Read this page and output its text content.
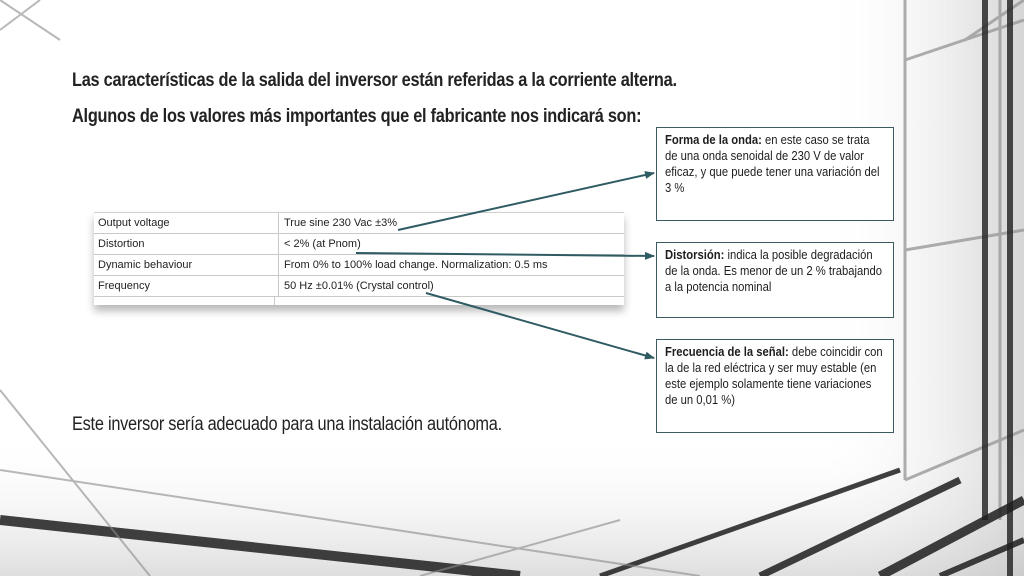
Las características de la salida del inversor están referidas a la corriente alterna.
Algunos de los valores más importantes que el fabricante nos indicará son:
Output voltage	True sine 230 Vac ±3%
Distortion	< 2% (at Pnom)
Dynamic behaviour	From 0% to 100% load change. Normalization: 0.5 ms
Frequency	50 Hz ±0.01% (Crystal control)
Forma de la onda: en este caso se trata de una onda senoidal de 230 V de valor eficaz, y que puede tener una variación del 3 %
Distorsión: indica la posible degradación de la onda. Es menor de un 2 % trabajando a la potencia nominal
Frecuencia de la señal: debe coincidir con la de la red eléctrica y ser muy estable (en este ejemplo solamente tiene variaciones de un 0,01 %)

Este inversor sería adecuado para una instalación autónoma.
